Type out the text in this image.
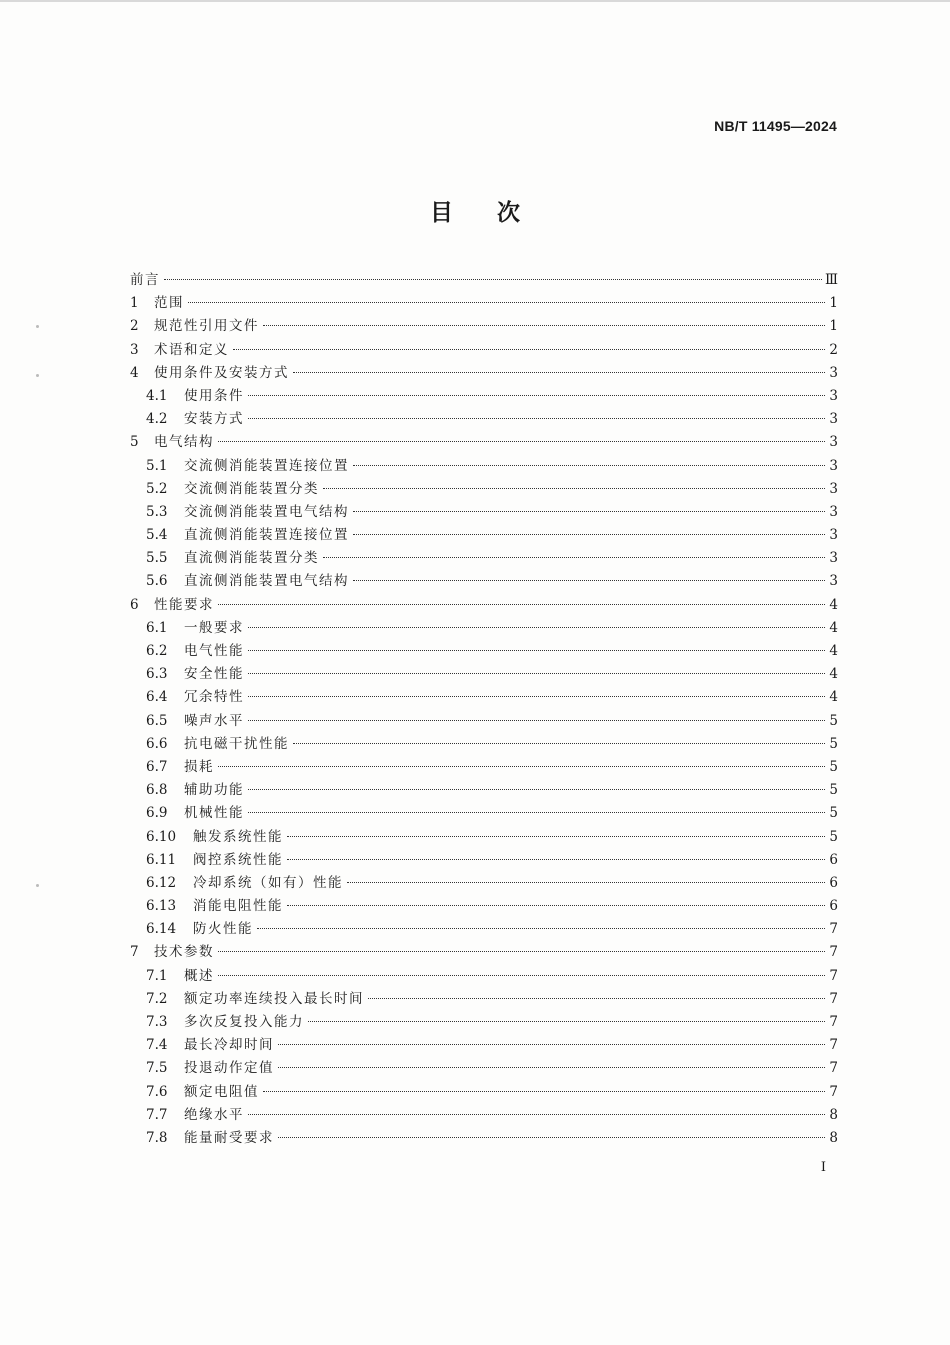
NB/T 11495—2024
目次
前言	Ⅲ
1	范围	1
2	规范性引用文件	1
3	术语和定义	2
4	使用条件及安装方式	3
4.1	使用条件	3
4.2	安装方式	3
5	电气结构	3
5.1	交流侧消能装置连接位置	3
5.2	交流侧消能装置分类	3
5.3	交流侧消能装置电气结构	3
5.4	直流侧消能装置连接位置	3
5.5	直流侧消能装置分类	3
5.6	直流侧消能装置电气结构	3
6	性能要求	4
6.1	一般要求	4
6.2	电气性能	4
6.3	安全性能	4
6.4	冗余特性	4
6.5	噪声水平	5
6.6	抗电磁干扰性能	5
6.7	损耗	5
6.8	辅助功能	5
6.9	机械性能	5
6.10	触发系统性能	5
6.11	阀控系统性能	6
6.12	冷却系统（如有）性能	6
6.13	消能电阻性能	6
6.14	防火性能	7
7	技术参数	7
7.1	概述	7
7.2	额定功率连续投入最长时间	7
7.3	多次反复投入能力	7
7.4	最长冷却时间	7
7.5	投退动作定值	7
7.6	额定电阻值	7
7.7	绝缘水平	8
7.8	能量耐受要求	8
I
